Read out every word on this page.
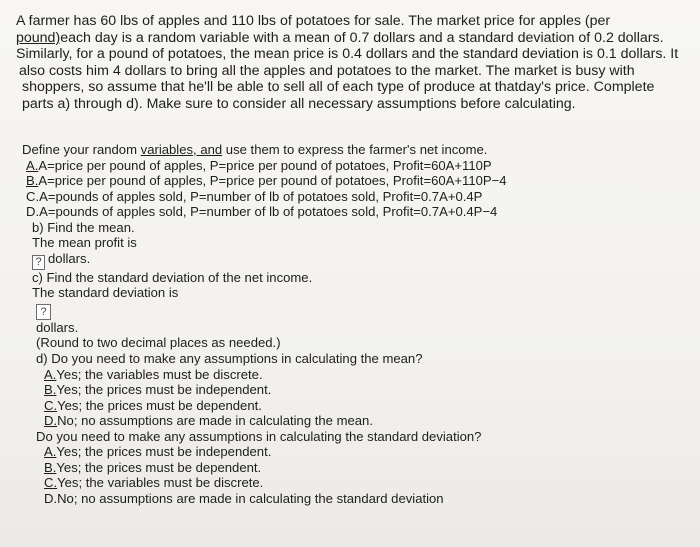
A farmer has 60 lbs of apples and 110 lbs of potatoes for sale. The market price for apples (per
pound)each day is a random variable with a mean of 0.7 dollars and a standard deviation of 0.2 dollars.
Similarly, for a pound of potatoes, the mean price is 0.4 dollars and the standard deviation is 0.1 dollars. It
also costs him 4 dollars to bring all the apples and potatoes to the market. The market is busy with
shoppers, so assume that he'll be able to sell all of each type of produce at thatday's price. Complete
parts a) through d). Make sure to consider all necessary assumptions before calculating.
Define your random variables, and use them to express the farmer's net income.
A.A=price per pound of apples, P=price per pound of potatoes, Profit=60A+110P
B.A=price per pound of apples, P=price per pound of potatoes, Profit=60A+110P−4
C.A=pounds of apples sold, P=number of lb of potatoes sold, Profit=0.7A+0.4P
D.A=pounds of apples sold, P=number of lb of potatoes sold, Profit=0.7A+0.4P−4
b) Find the mean.
The mean profit is
? dollars.
c) Find the standard deviation of the net income.
The standard deviation is
?
dollars.
(Round to two decimal places as needed.)
d) Do you need to make any assumptions in calculating the mean?
A.Yes; the variables must be discrete.
B.Yes; the prices must be independent.
C.Yes; the prices must be dependent.
D.No; no assumptions are made in calculating the mean.
Do you need to make any assumptions in calculating the standard deviation?
A.Yes; the prices must be independent.
B.Yes; the prices must be dependent.
C.Yes; the variables must be discrete.
D.No; no assumptions are made in calculating the standard deviation
